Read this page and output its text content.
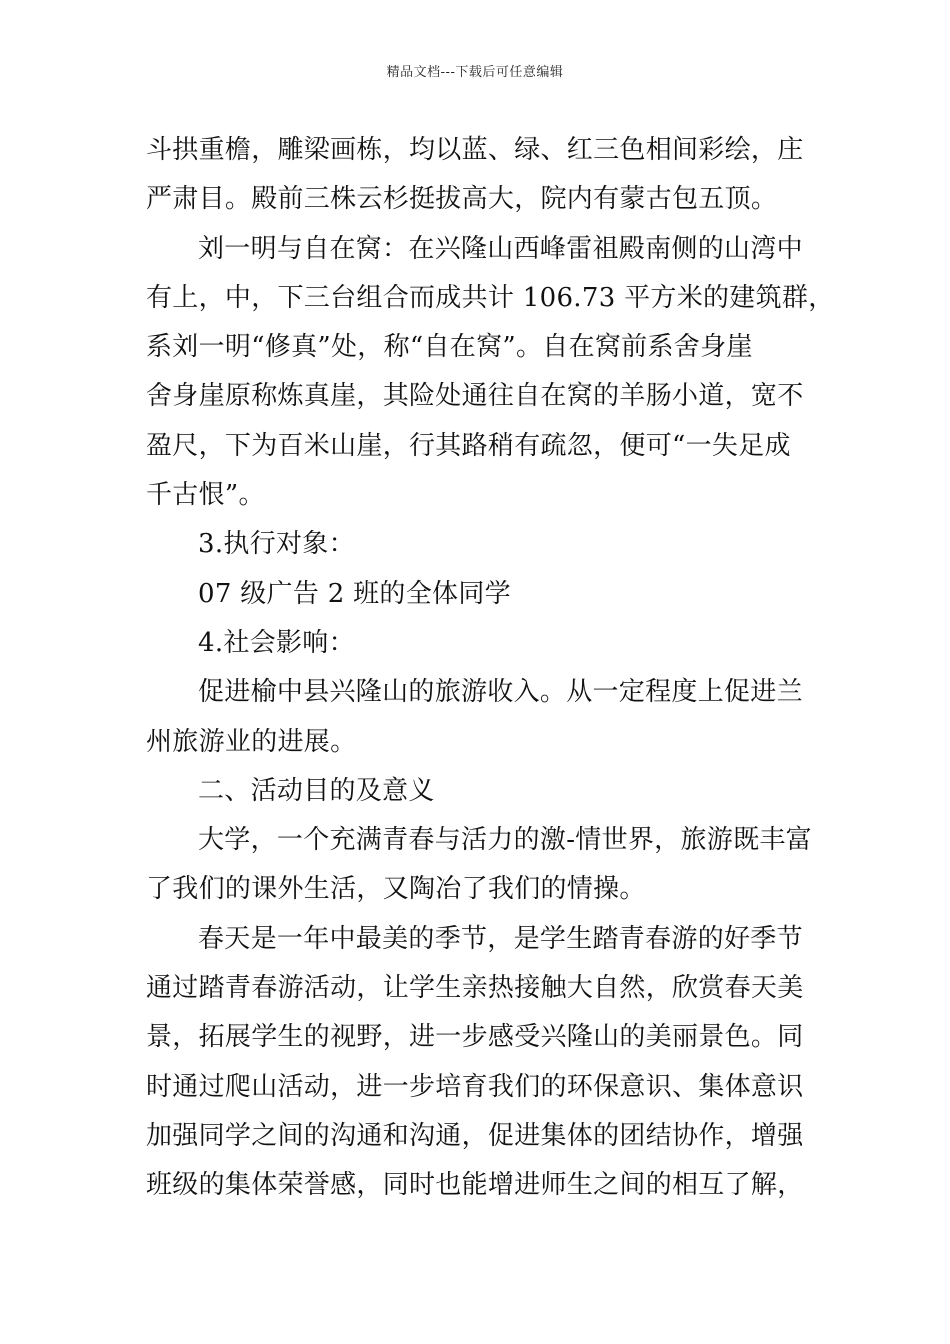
精品文档---下载后可任意编辑
斗拱重檐，雕梁画栋，均以蓝、绿、红三色相间彩绘，庄
严肃目。殿前三株云杉挺拔高大，院内有蒙古包五顶。
刘一明与自在窝：在兴隆山西峰雷祖殿南侧的山湾中
有上，中，下三台组合而成共计 106.73 平方米的建筑群，
系刘一明“修真”处，称“自在窝”。自在窝前系舍身崖
舍身崖原称炼真崖，其险处通往自在窝的羊肠小道，宽不
盈尺，下为百米山崖，行其路稍有疏忽，便可“一失足成
千古恨”。
3.执行对象：
07 级广告 2 班的全体同学
4.社会影响：
促进榆中县兴隆山的旅游收入。从一定程度上促进兰
州旅游业的进展。
二、活动目的及意义
大学，一个充满青春与活力的激-情世界，旅游既丰富
了我们的课外生活，又陶冶了我们的情操。
春天是一年中最美的季节，是学生踏青春游的好季节
通过踏青春游活动，让学生亲热接触大自然，欣赏春天美
景，拓展学生的视野，进一步感受兴隆山的美丽景色。同
时通过爬山活动，进一步培育我们的环保意识、集体意识
加强同学之间的沟通和沟通，促进集体的团结协作，增强
班级的集体荣誉感，同时也能增进师生之间的相互了解，
